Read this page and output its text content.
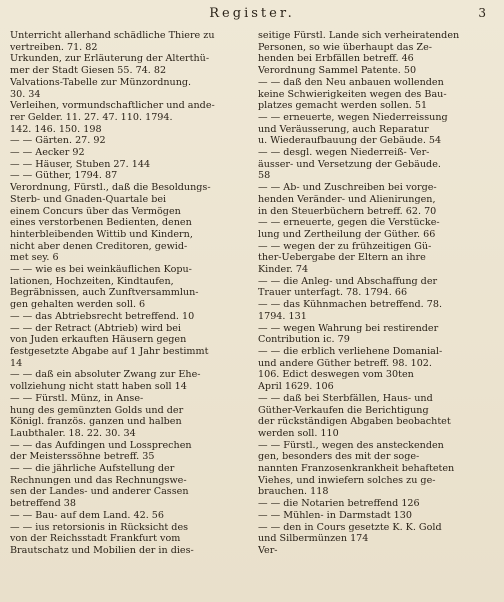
Register.	3
Unterricht allerhand schädliche Thiere zu
vertreiben. 71. 82
Urkunden, zur Erläuterung der Alterthü-
mer der Stadt Giesen 55. 74. 82
Valvations-Tabelle zur Münzordnung.
30. 34
Verleihen, vormundschaftlicher und ande-
rer Gelder. 11. 27. 47. 110. 1794.
142. 146. 150. 198
— — Gärten. 27. 92
— — Aecker 92
— — Häuser, Stuben 27. 144
— — Güther, 1794. 87
Verordnung, Fürstl., daß die Besoldungs-
Sterb- und Gnaden-Quartale bei
einem Concurs über das Vermögen
eines verstorbenen Bedienten, denen
hinterbleibenden Wittib und Kindern,
nicht aber denen Creditoren, gewid-
met sey. 6
— — wie es bei weinkäuflichen Kopu-
lationen, Hochzeiten, Kindtaufen,
Begräbnissen, auch Zunftversammlun-
gen gehalten werden soll. 6
— — das Abtriebsrecht betreffend. 10
— — der Retract (Abtrieb) wird bei
von Juden erkauften Häusern gegen
festgesetzte Abgabe auf 1 Jahr bestimmt
14
— — daß ein absoluter Zwang zur Ehe-
vollziehung nicht statt haben soll 14
— — Fürstl. Münz, in Anse-
hung des gemünzten Golds und der
Königl. französ. ganzen und halben
Laubthaler. 18. 22. 30. 34
— — das Aufdingen und Lossprechen
der Meisterssöhne betreff. 35
— — die jährliche Aufstellung der
Rechnungen und das Rechnungswe-
sen der Landes- und anderer Cassen
betreffend 38
— — Bau- auf dem Land. 42. 56
— — ius retorsionis in Rücksicht des
von der Reichsstadt Frankfurt vom
Brautschatz und Mobilien der in dies-
seitige Fürstl. Lande sich verheiratenden
Personen, so wie überhaupt das Ze-
henden bei Erbfällen betreff. 46
Verordnung Sammel Patente. 50
— — daß den Neu anbauen wollenden
keine Schwierigkeiten wegen des Bau-
platzes gemacht werden sollen. 51
— — erneuerte, wegen Niederreissung
und Veräusserung, auch Reparatur
u. Wiederaufbauung der Gebäude. 54
— — desgl. wegen Niederreiß- Ver-
äusser- und Versetzung der Gebäude.
58
— — Ab- und Zuschreiben bei vorge-
henden Veränder- und Alienirungen,
in den Steuerbüchern betreff. 62. 70
— — erneuerte, gegen die Verstücke-
lung und Zertheilung der Güther. 66
— — wegen der zu frühzeitigen Gü-
ther-Uebergabe der Eltern an ihre
Kinder. 74
— — die Anleg- und Abschaffung der
Trauer unterfagt. 78. 1794. 66
— — das Kühnmachen betreffend. 78.
1794. 131
— — wegen Wahrung bei restirender
Contribution ic. 79
— — die erblich verliehene Domanial-
und andere Güther betreff. 98. 102.
106. Edict deswegen vom 30ten
April 1629. 106
— — daß bei Sterbfällen, Haus- und
Güther-Verkaufen die Berichtigung
der rückständigen Abgaben beobachtet
werden soll. 110
— — Fürstl., wegen des ansteckenden
gen, besonders des mit der soge-
nannten Franzosenkrankheit behafteten
Viehes, und inwiefern solches zu ge-
brauchen. 118
— — die Notarien betreffend 126
— — Mühlen- in Darmstadt 130
— — den in Cours gesetzte K. K. Gold
und Silbermünzen 174
Ver-
